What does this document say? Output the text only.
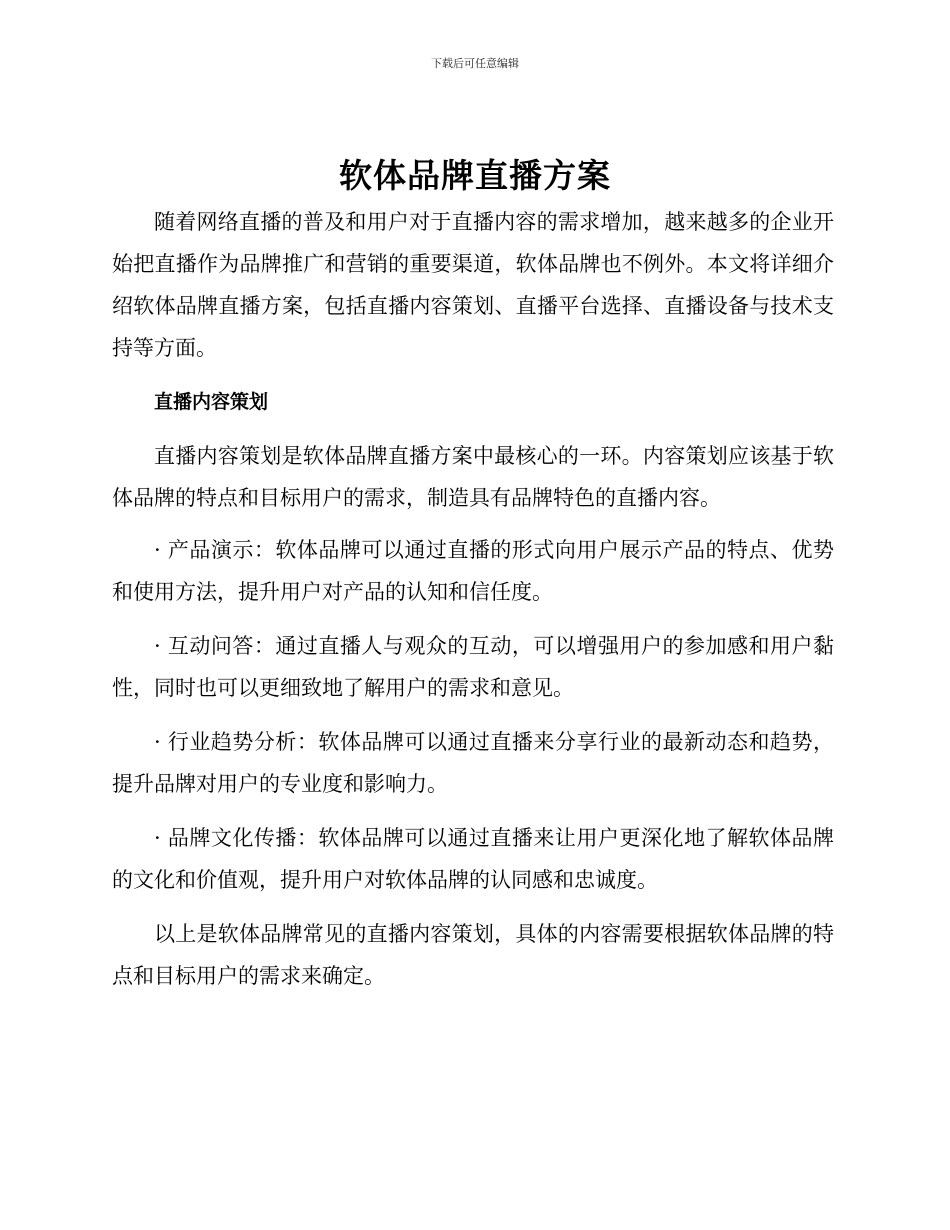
下载后可任意编辑
软体品牌直播方案

随着网络直播的普及和用户对于直播内容的需求增加，越来越多的企业开始把直播作为品牌推广和营销的重要渠道，软体品牌也不例外。本文将详细介绍软体品牌直播方案，包括直播内容策划、直播平台选择、直播设备与技术支持等方面。

直播内容策划

直播内容策划是软体品牌直播方案中最核心的一环。内容策划应该基于软体品牌的特点和目标用户的需求，制造具有品牌特色的直播内容。

· 产品演示：软体品牌可以通过直播的形式向用户展示产品的特点、优势和使用方法，提升用户对产品的认知和信任度。

· 互动问答：通过直播人与观众的互动，可以增强用户的参加感和用户黏性，同时也可以更细致地了解用户的需求和意见。

· 行业趋势分析：软体品牌可以通过直播来分享行业的最新动态和趋势，提升品牌对用户的专业度和影响力。

· 品牌文化传播：软体品牌可以通过直播来让用户更深化地了解软体品牌的文化和价值观，提升用户对软体品牌的认同感和忠诚度。

以上是软体品牌常见的直播内容策划，具体的内容需要根据软体品牌的特点和目标用户的需求来确定。
